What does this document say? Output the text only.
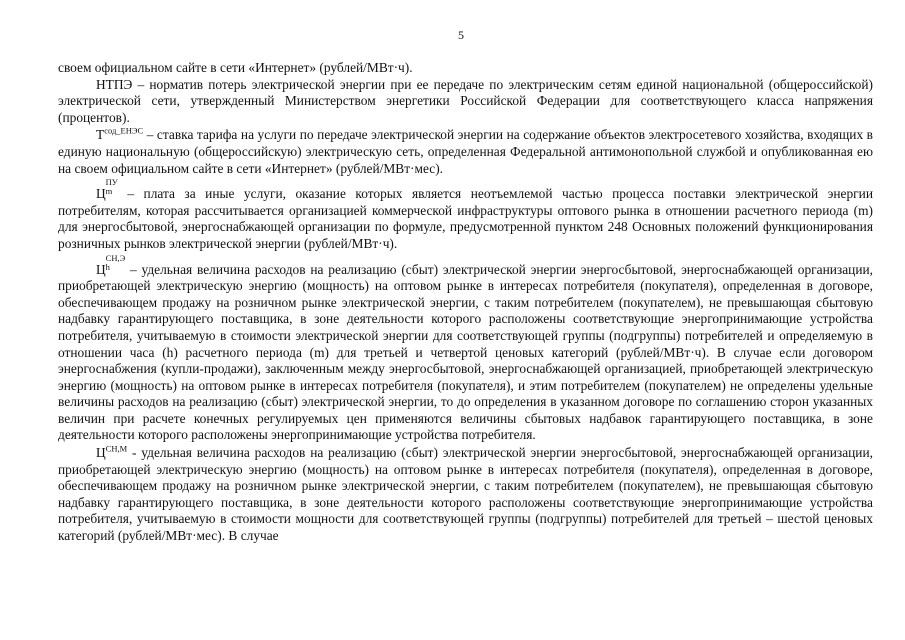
5

своем официальном сайте в сети «Интернет» (рублей/МВт·ч).

НТПЭ – норматив потерь электрической энергии при ее передаче по электрическим сетям единой национальной (общероссийской) электрической сети, утвержденный Министерством энергетики Российской Федерации для соответствующего класса напряжения (процентов).

$Т^{сод\_ЕНЭС}$ – ставка тарифа на услуги по передаче электрической энергии на содержание объектов электросетевого хозяйства, входящих в единую национальную (общероссийскую) электрическую сеть, определенная Федеральной антимонопольной службой и опубликованная ею на своем официальном сайте в сети «Интернет» (рублей/МВт·мес).

Ц
ПУ
m – плата за иные услуги, оказание которых является неотъемлемой частью процесса поставки электрической энергии потребителям, которая рассчитывается организацией коммерческой инфраструктуры оптового рынка в отношении расчетного периода (m) для энергосбытовой, энергоснабжающей организации по формуле, предусмотренной пунктом 248 Основных положений функционирования розничных рынков электрической энергии (рублей/МВт·ч).

Ц
СН,Э
h	– удельная величина расходов на реализацию (сбыт) электрической энергии энергосбытовой, энергоснабжающей организации, приобретающей электрическую энергию (мощность) на оптовом рынке в интересах потребителя (покупателя), определенная в договоре, обеспечивающем продажу на розничном рынке электрической энергии, с таким потребителем (покупателем), не превышающая сбытовую надбавку гарантирующего поставщика, в зоне деятельности которого расположены соответствующие энергопринимающие устройства потребителя, учитываемую в стоимости электрической энергии для соответствующей группы (подгруппы) потребителей и определяемую в отношении часа (h) расчетного периода (m) для третьей и четвертой ценовых категорий (рублей/МВт·ч). В случае если договором энергоснабжения (купли-продажи), заключенным между энергосбытовой, энергоснабжающей организацией, приобретающей электрическую энергию (мощность) на оптовом рынке в интересах потребителя (покупателя), и этим потребителем (покупателем) не определены удельные величины расходов на реализацию (сбыт) электрической энергии, то до определения в указанном договоре по соглашению сторон указанных величин при расчете конечных регулируемых цен применяются величины сбытовых надбавок гарантирующего поставщика, в зоне деятельности которого расположены энергопринимающие устройства потребителя.

$Ц^{СН,М}$ - удельная величина расходов на реализацию (сбыт) электрической энергии энергосбытовой, энергоснабжающей организации, приобретающей электрическую энергию (мощность) на оптовом рынке в интересах потребителя (покупателя), определенная в договоре, обеспечивающем продажу на розничном рынке электрической энергии, с таким потребителем (покупателем), не превышающая сбытовую надбавку гарантирующего поставщика, в зоне деятельности которого расположены соответствующие энергопринимающие устройства потребителя, учитываемую в стоимости мощности для соответствующей группы (подгруппы) потребителей для третьей – шестой ценовых категорий (рублей/МВт·мес). В случае
